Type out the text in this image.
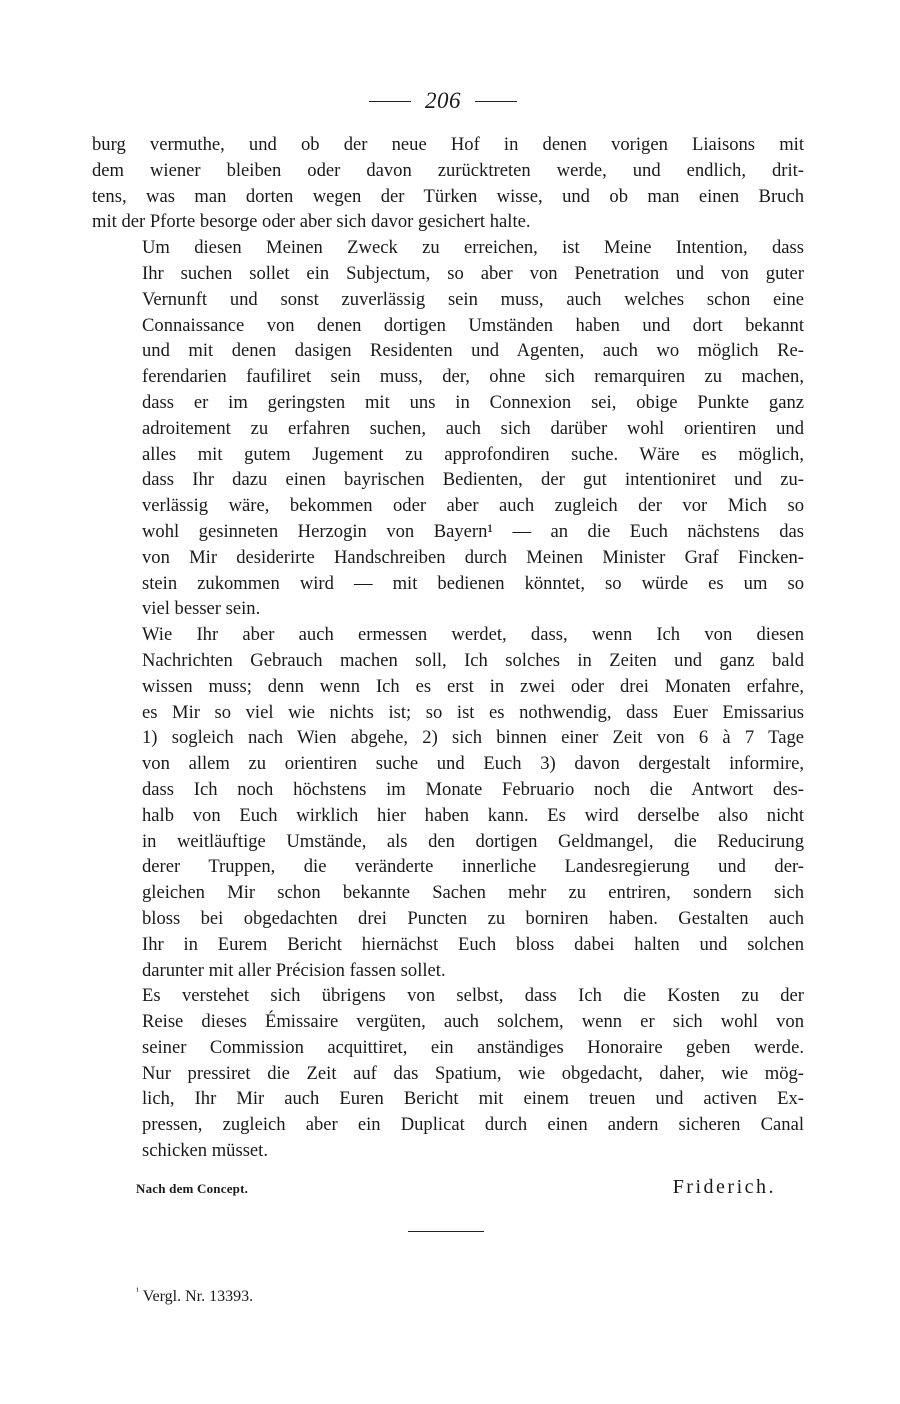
206
burg vermuthe, und ob der neue Hof in denen vorigen Liaisons mit
dem wiener bleiben oder davon zurücktreten werde, und endlich, drit-
tens, was man dorten wegen der Türken wisse, und ob man einen Bruch
mit der Pforte besorge oder aber sich davor gesichert halte.
Um diesen Meinen Zweck zu erreichen, ist Meine Intention, dass
Ihr suchen sollet ein Subjectum, so aber von Penetration und von guter
Vernunft und sonst zuverlässig sein muss, auch welches schon eine
Connaissance von denen dortigen Umständen haben und dort bekannt
und mit denen dasigen Residenten und Agenten, auch wo möglich Re-
ferendarien faufiliret sein muss, der, ohne sich remarquiren zu machen,
dass er im geringsten mit uns in Connexion sei, obige Punkte ganz
adroitement zu erfahren suchen, auch sich darüber wohl orientiren und
alles mit gutem Jugement zu approfondiren suche. Wäre es möglich,
dass Ihr dazu einen bayrischen Bedienten, der gut intentioniret und zu-
verlässig wäre, bekommen oder aber auch zugleich der vor Mich so
wohl gesinneten Herzogin von Bayern¹ — an die Euch nächstens das
von Mir desiderirte Handschreiben durch Meinen Minister Graf Fincken-
stein zukommen wird — mit bedienen könntet, so würde es um so
viel besser sein.
Wie Ihr aber auch ermessen werdet, dass, wenn Ich von diesen
Nachrichten Gebrauch machen soll, Ich solches in Zeiten und ganz bald
wissen muss; denn wenn Ich es erst in zwei oder drei Monaten erfahre,
es Mir so viel wie nichts ist; so ist es nothwendig, dass Euer Emissarius
1) sogleich nach Wien abgehe, 2) sich binnen einer Zeit von 6 à 7 Tage
von allem zu orientiren suche und Euch 3) davon dergestalt informire,
dass Ich noch höchstens im Monate Februario noch die Antwort des-
halb von Euch wirklich hier haben kann. Es wird derselbe also nicht
in weitläuftige Umstände, als den dortigen Geldmangel, die Reducirung
derer Truppen, die veränderte innerliche Landesregierung und der-
gleichen Mir schon bekannte Sachen mehr zu entriren, sondern sich
bloss bei obgedachten drei Puncten zu borniren haben. Gestalten auch
Ihr in Eurem Bericht hiernächst Euch bloss dabei halten und solchen
darunter mit aller Précision fassen sollet.
Es verstehet sich übrigens von selbst, dass Ich die Kosten zu der
Reise dieses Émissaire vergüten, auch solchem, wenn er sich wohl von
seiner Commission acquittiret, ein anständiges Honoraire geben werde.
Nur pressiret die Zeit auf das Spatium, wie obgedacht, daher, wie mög-
lich, Ihr Mir auch Euren Bericht mit einem treuen und activen Ex-
pressen, zugleich aber ein Duplicat durch einen andern sicheren Canal
schicken müsset.
Nach dem Concept.	Friderich.
$^{^1}$ Vergl. Nr. 13393.
